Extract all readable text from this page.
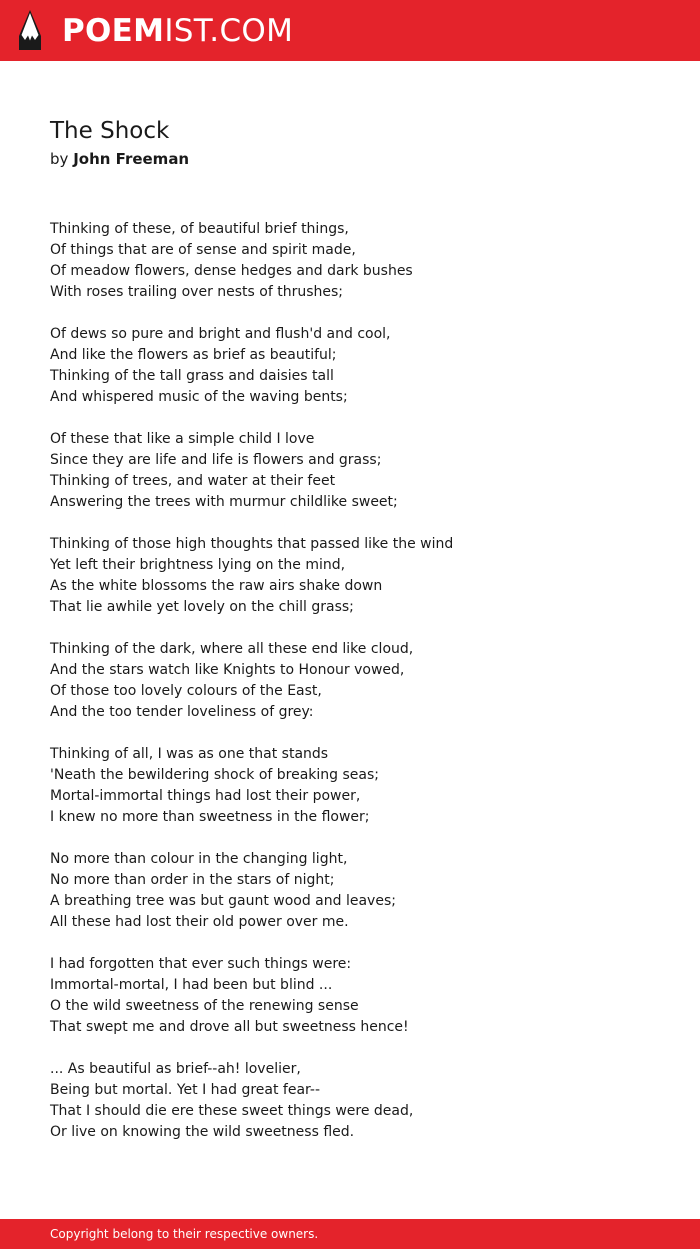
POEMIST.COM
The Shock
by John Freeman
Thinking of these, of beautiful brief things,
Of things that are of sense and spirit made,
Of meadow flowers, dense hedges and dark bushes
With roses trailing over nests of thrushes;
Of dews so pure and bright and flush'd and cool,
And like the flowers as brief as beautiful;
Thinking of the tall grass and daisies tall
And whispered music of the waving bents;
Of these that like a simple child I love
Since they are life and life is flowers and grass;
Thinking of trees, and water at their feet
Answering the trees with murmur childlike sweet;
Thinking of those high thoughts that passed like the wind
Yet left their brightness lying on the mind,
As the white blossoms the raw airs shake down
That lie awhile yet lovely on the chill grass;
Thinking of the dark, where all these end like cloud,
And the stars watch like Knights to Honour vowed,
Of those too lovely colours of the East,
And the too tender loveliness of grey:
Thinking of all, I was as one that stands
'Neath the bewildering shock of breaking seas;
Mortal-immortal things had lost their power,
I knew no more than sweetness in the flower;
No more than colour in the changing light,
No more than order in the stars of night;
A breathing tree was but gaunt wood and leaves;
All these had lost their old power over me.
I had forgotten that ever such things were:
Immortal-mortal, I had been but blind ...
O the wild sweetness of the renewing sense
That swept me and drove all but sweetness hence!
... As beautiful as brief--ah! lovelier,
Being but mortal. Yet I had great fear--
That I should die ere these sweet things were dead,
Or live on knowing the wild sweetness fled.
Copyright belong to their respective owners.
